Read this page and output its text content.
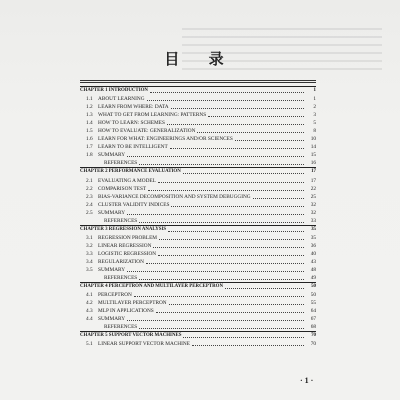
目 录
CHAPTER 1 INTRODUCTION	1
1.1	ABOUT LEARNING	1
1.2	LEARN FROM WHERE: DATA	2
1.3	WHAT TO GET FROM LEARNING: PATTERNS	3
1.4	HOW TO LEARN: SCHEMES	5
1.5	HOW TO EVALUATE: GENERALIZATION	8
1.6	LEARN FOR WHAT: ENGINEERINGS AND/OR SCIENCES	10
1.7	LEARN TO BE INTELLIGENT	14
1.8	SUMMARY	15
REFERENCES	16
CHAPTER 2 PERFORMANCE EVALUATION	17
2.1	EVALUATING A MODEL	17
2.2	COMPARISON TEST	22
2.3	BIAS-VARIANCE DECOMPOSITION AND SYSTEM DEBUGGING	25
2.4	CLUSTER VALIDITY INDICES	32
2.5	SUMMARY	32
REFERENCES	33
CHAPTER 3 REGRESSION ANALYSIS	35
3.1	REGRESSION PROBLEM	35
3.2	LINEAR REGRESSION	36
3.3	LOGISTIC REGRESSION	40
3.4	REGULARIZATION	43
3.5	SUMMARY	48
REFERENCES	49
CHAPTER 4 PERCEPTRON AND MULTILAYER PERCEPTRON	50
4.1	PERCEPTRON	50
4.2	MULTILAYER PERCEPTRON	55
4.3	MLP IN APPLICATIONS	64
4.4	SUMMARY	67
REFERENCES	68
CHAPTER 5 SUPPORT VECTOR MACHINES	70
5.1	LINEAR SUPPORT VECTOR MACHINE	70
· 1 ·
